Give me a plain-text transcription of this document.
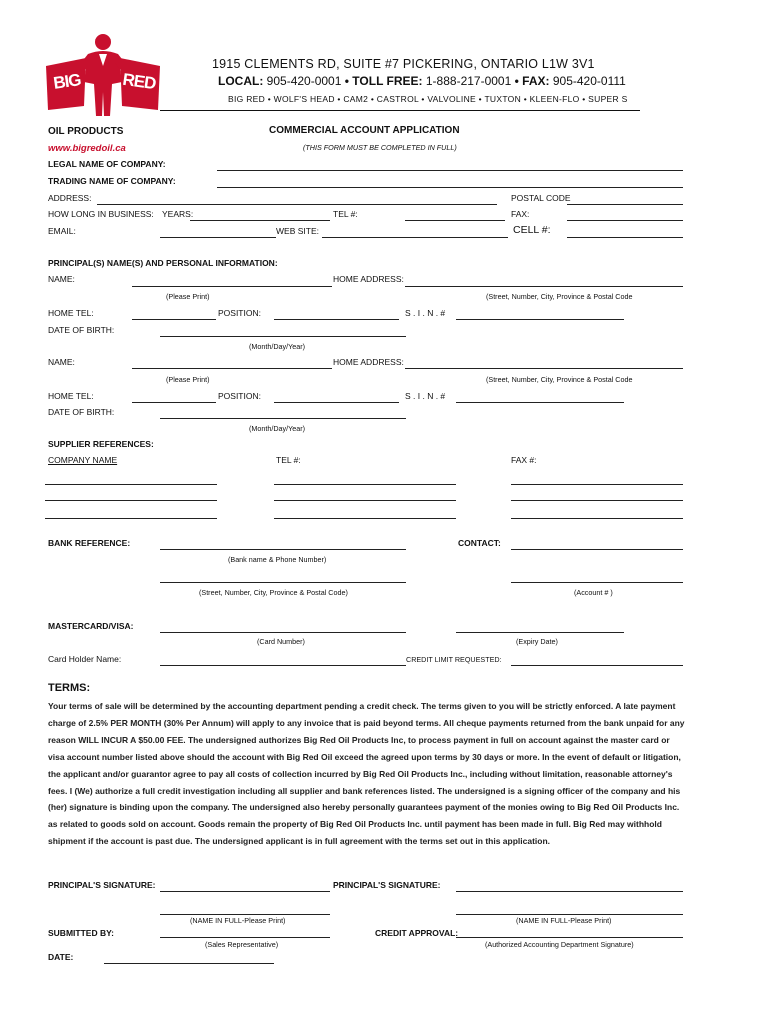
BIG	RED
1915 CLEMENTS RD, SUITE #7 PICKERING, ONTARIO L1W 3V1
LOCAL: 905-420-0001 • TOLL FREE: 1-888-217-0001 • FAX: 905-420-0111
BIG RED • WOLF'S HEAD • CAM2 • CASTROL • VALVOLINE • TUXTON • KLEEN-FLO • SUPER S
OIL PRODUCTS
www.bigredoil.ca
COMMERCIAL ACCOUNT APPLICATION
(THIS FORM MUST BE COMPLETED IN FULL)
LEGAL NAME OF COMPANY:
TRADING NAME OF COMPANY:
ADDRESS:	POSTAL CODE
HOW LONG IN BUSINESS: YEARS:	TEL #:	FAX:
EMAIL:	WEB SITE:	CELL #:
PRINCIPAL(S) NAME(S) AND PERSONAL INFORMATION:
NAME:	HOME ADDRESS:
(Please Print)	(Street, Number, City, Province & Postal Code
HOME TEL:	POSITION:	S . I . N . #
DATE OF BIRTH:
(Month/Day/Year)
NAME:	HOME ADDRESS:
(Please Print)	(Street, Number, City, Province & Postal Code
HOME TEL:	POSITION:	S . I . N . #
DATE OF BIRTH:
(Month/Day/Year)
SUPPLIER REFERENCES:
COMPANY NAME	TEL #:	FAX #:
BANK REFERENCE:	CONTACT:
(Bank name & Phone Number)
(Street, Number, City, Province & Postal Code)	(Account # )
MASTERCARD/VISA:
(Card Number)	(Expiry Date)
Card Holder Name:	CREDIT LIMIT REQUESTED:
TERMS:
Your terms of sale will be determined by the accounting department pending a credit check. The terms given to you will be strictly enforced. A late payment charge of 2.5% PER MONTH (30% Per Annum) will apply to any invoice that is paid beyond terms. All cheque payments returned from the bank unpaid for any reason WILL INCUR A $50.00 FEE. The undersigned authorizes Big Red Oil Products Inc, to process payment in full on account against the master card or visa account number listed above should the account with Big Red Oil exceed the agreed upon terms by 30 days or more. In the event of default or litigation, the applicant and/or guarantor agree to pay all costs of collection incurred by Big Red Oil Products Inc., including without limitation, reasonable attorney's fees. I (We) authorize a full credit investigation including all supplier and bank references listed. The undersigned is a signing officer of the company and his (her) signature is binding upon the company. The undersigned also hereby personally guarantees payment of the monies owing to Big Red Oil Products Inc. as related to goods sold on account. Goods remain the property of Big Red Oil Products Inc. until payment has been made in full. Big Red may withhold shipment if the account is past due. The undersigned applicant is in full agreement with the terms set out in this application.
PRINCIPAL'S SIGNATURE:	PRINCIPAL'S SIGNATURE:
(NAME IN FULL-Please Print)	(NAME IN FULL-Please Print)
SUBMITTED BY:	CREDIT APPROVAL:
(Sales Representative)	(Authorized Accounting Department Signature)
DATE:
